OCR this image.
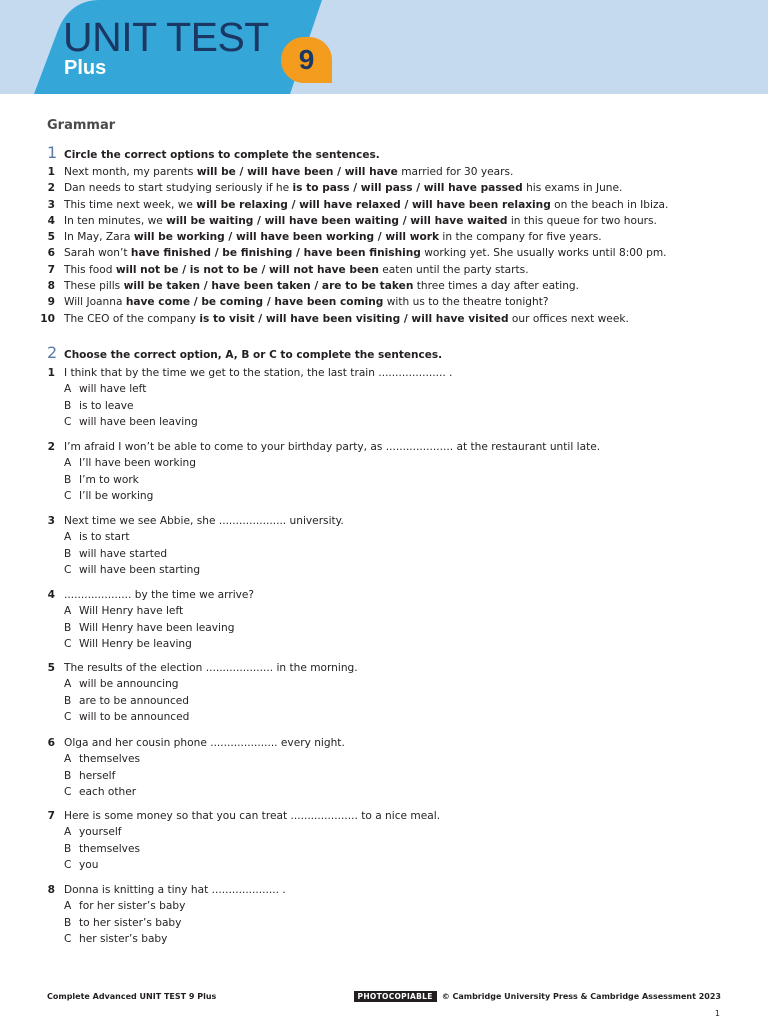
UNIT TEST
Plus	9
Grammar
1 Circle the correct options to complete the sentences.
1 Next month, my parents will be / will have been / will have married for 30 years.
2 Dan needs to start studying seriously if he is to pass / will pass / will have passed his exams in June.
3 This time next week, we will be relaxing / will have relaxed / will have been relaxing on the beach in Ibiza.
4 In ten minutes, we will be waiting / will have been waiting / will have waited in this queue for two hours.
5 In May, Zara will be working / will have been working / will work in the company for five years.
6 Sarah won’t have finished / be finishing / have been finishing working yet. She usually works until 8:00 pm.
7 This food will not be / is not to be / will not have been eaten until the party starts.
8 These pills will be taken / have been taken / are to be taken three times a day after eating.
9 Will Joanna have come / be coming / have been coming with us to the theatre tonight?
10 The CEO of the company is to visit / will have been visiting / will have visited our offices next week.
2 Choose the correct option, A, B or C to complete the sentences.
1 I think that by the time we get to the station, the last train .................... .
A will have left
B is to leave
C will have been leaving
2 I’m afraid I won’t be able to come to your birthday party, as .................... at the restaurant until late.
A I’ll have been working
B I’m to work
C I’ll be working
3 Next time we see Abbie, she .................... university.
A is to start
B will have started
C will have been starting
4 .................... by the time we arrive?
A Will Henry have left
B Will Henry have been leaving
C Will Henry be leaving
5 The results of the election .................... in the morning.
A will be announcing
B are to be announced
C will to be announced
6 Olga and her cousin phone .................... every night.
A themselves
B herself
C each other
7 Here is some money so that you can treat .................... to a nice meal.
A yourself
B themselves
C you
8 Donna is knitting a tiny hat .................... .
A for her sister’s baby
B to her sister’s baby
C her sister’s baby
Complete Advanced UNIT TEST 9 Plus	PHOTOCOPIABLE	© Cambridge University Press & Cambridge Assessment 2023
1
